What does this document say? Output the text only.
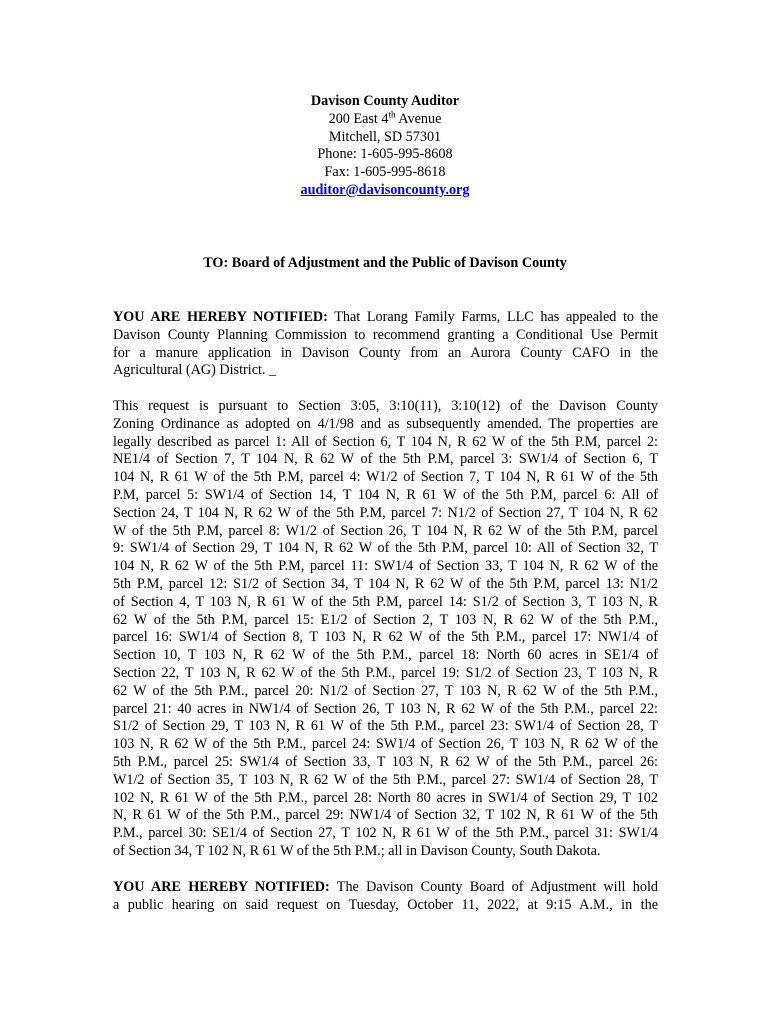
Davison County Auditor
200 East 4th Avenue
Mitchell, SD 57301
Phone: 1-605-995-8608
Fax: 1-605-995-8618
auditor@davisoncounty.org
TO: Board of Adjustment and the Public of Davison County
YOU ARE HEREBY NOTIFIED: That Lorang Family Farms, LLC has appealed to the
Davison County Planning Commission to recommend granting a Conditional Use Permit
for a manure application in Davison County from an Aurora County CAFO in the
Agricultural (AG) District. _
This request is pursuant to Section 3:05, 3:10(11), 3:10(12) of the Davison County
Zoning Ordinance as adopted on 4/1/98 and as subsequently amended. The properties are
legally described as parcel 1: All of Section 6, T 104 N, R 62 W of the 5th P.M, parcel 2:
NE1/4 of Section 7, T 104 N, R 62 W of the 5th P.M, parcel 3: SW1/4 of Section 6, T
104 N, R 61 W of the 5th P.M, parcel 4: W1/2 of Section 7, T 104 N, R 61 W of the 5th
P.M, parcel 5: SW1/4 of Section 14, T 104 N, R 61 W of the 5th P.M, parcel 6: All of
Section 24, T 104 N, R 62 W of the 5th P.M, parcel 7: N1/2 of Section 27, T 104 N, R 62
W of the 5th P.M, parcel 8: W1/2 of Section 26, T 104 N, R 62 W of the 5th P.M, parcel
9: SW1/4 of Section 29, T 104 N, R 62 W of the 5th P.M, parcel 10: All of Section 32, T
104 N, R 62 W of the 5th P.M, parcel 11: SW1/4 of Section 33, T 104 N, R 62 W of the
5th P.M, parcel 12: S1/2 of Section 34, T 104 N, R 62 W of the 5th P.M, parcel 13: N1/2
of Section 4, T 103 N, R 61 W of the 5th P.M, parcel 14: S1/2 of Section 3, T 103 N, R
62 W of the 5th P.M, parcel 15: E1/2 of Section 2, T 103 N, R 62 W of the 5th P.M.,
parcel 16: SW1/4 of Section 8, T 103 N, R 62 W of the 5th P.M., parcel 17: NW1/4 of
Section 10, T 103 N, R 62 W of the 5th P.M., parcel 18: North 60 acres in SE1/4 of
Section 22, T 103 N, R 62 W of the 5th P.M., parcel 19: S1/2 of Section 23, T 103 N, R
62 W of the 5th P.M., parcel 20: N1/2 of Section 27, T 103 N, R 62 W of the 5th P.M.,
parcel 21: 40 acres in NW1/4 of Section 26, T 103 N, R 62 W of the 5th P.M., parcel 22:
S1/2 of Section 29, T 103 N, R 61 W of the 5th P.M., parcel 23: SW1/4 of Section 28, T
103 N, R 62 W of the 5th P.M., parcel 24: SW1/4 of Section 26, T 103 N, R 62 W of the
5th P.M., parcel 25: SW1/4 of Section 33, T 103 N, R 62 W of the 5th P.M., parcel 26:
W1/2 of Section 35, T 103 N, R 62 W of the 5th P.M., parcel 27: SW1/4 of Section 28, T
102 N, R 61 W of the 5th P.M., parcel 28: North 80 acres in SW1/4 of Section 29, T 102
N, R 61 W of the 5th P.M., parcel 29: NW1/4 of Section 32, T 102 N, R 61 W of the 5th
P.M., parcel 30: SE1/4 of Section 27, T 102 N, R 61 W of the 5th P.M., parcel 31: SW1/4
of Section 34, T 102 N, R 61 W of the 5th P.M.; all in Davison County, South Dakota.
YOU ARE HEREBY NOTIFIED: The Davison County Board of Adjustment will hold
a public hearing on said request on Tuesday, October 11, 2022, at 9:15 A.M., in the
